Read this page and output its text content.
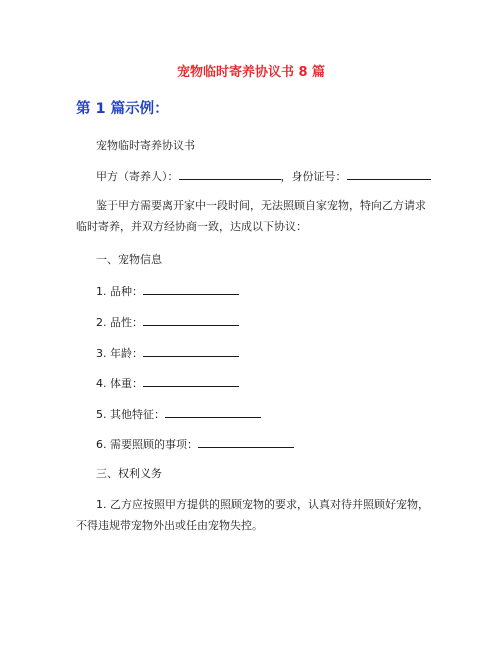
宠物临时寄养协议书 8 篇
第 1 篇示例：
宠物临时寄养协议书
甲方（寄养人）：	，身份证号：
鉴于甲方需要离开家中一段时间，无法照顾自家宠物，特向乙方请求临时寄养，并双方经协商一致，达成以下协议：
一、宠物信息
1. 品种：
2. 品性：
3. 年龄：
4. 体重：
5. 其他特征：
6. 需要照顾的事项：
三、权利义务
1. 乙方应按照甲方提供的照顾宠物的要求，认真对待并照顾好宠物，不得违规带宠物外出或任由宠物失控。
